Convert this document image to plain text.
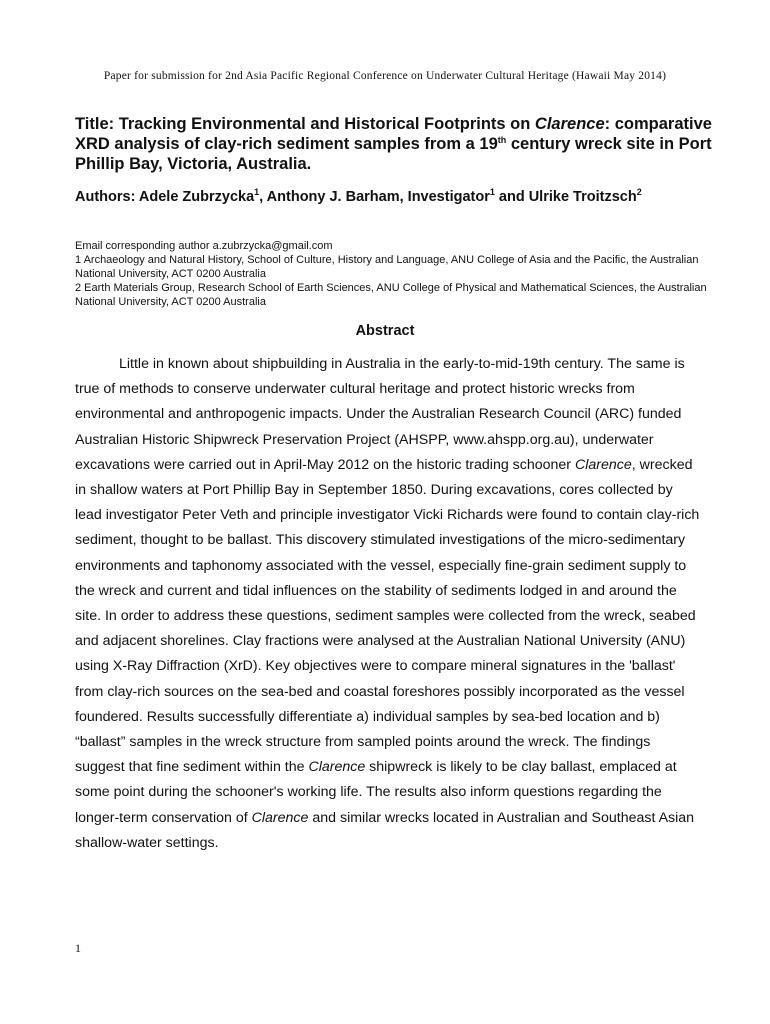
Paper for submission for 2nd Asia Pacific Regional Conference on Underwater Cultural Heritage (Hawaii May 2014)
Title: Tracking Environmental and Historical Footprints on Clarence: comparative XRD analysis of clay-rich sediment samples from a 19th century wreck site in Port Phillip Bay, Victoria, Australia.
Authors: Adele Zubrzycka$^1$, Anthony J. Barham, Investigator$^1$ and Ulrike Troitzsch$^2$
Email corresponding author a.zubrzycka@gmail.com
1 Archaeology and Natural History, School of Culture, History and Language, ANU College of Asia and the Pacific, the Australian National University, ACT 0200 Australia
2 Earth Materials Group, Research School of Earth Sciences, ANU College of Physical and Mathematical Sciences, the Australian National University, ACT 0200 Australia
Abstract
Little in known about shipbuilding in Australia in the early-to-mid-19th century. The same is true of methods to conserve underwater cultural heritage and protect historic wrecks from environmental and anthropogenic impacts. Under the Australian Research Council (ARC) funded Australian Historic Shipwreck Preservation Project (AHSPP, www.ahspp.org.au), underwater excavations were carried out in April-May 2012 on the historic trading schooner Clarence, wrecked in shallow waters at Port Phillip Bay in September 1850. During excavations, cores collected by lead investigator Peter Veth and principle investigator Vicki Richards were found to contain clay-rich sediment, thought to be ballast. This discovery stimulated investigations of the micro-sedimentary environments and taphonomy associated with the vessel, especially fine-grain sediment supply to the wreck and current and tidal influences on the stability of sediments lodged in and around the site. In order to address these questions, sediment samples were collected from the wreck, seabed and adjacent shorelines. Clay fractions were analysed at the Australian National University (ANU) using X-Ray Diffraction (XrD). Key objectives were to compare mineral signatures in the 'ballast' from clay-rich sources on the sea-bed and coastal foreshores possibly incorporated as the vessel foundered. Results successfully differentiate a) individual samples by sea-bed location and b) “ballast” samples in the wreck structure from sampled points around the wreck. The findings suggest that fine sediment within the Clarence shipwreck is likely to be clay ballast, emplaced at some point during the schooner's working life. The results also inform questions regarding the longer-term conservation of Clarence and similar wrecks located in Australian and Southeast Asian shallow-water settings.
1
